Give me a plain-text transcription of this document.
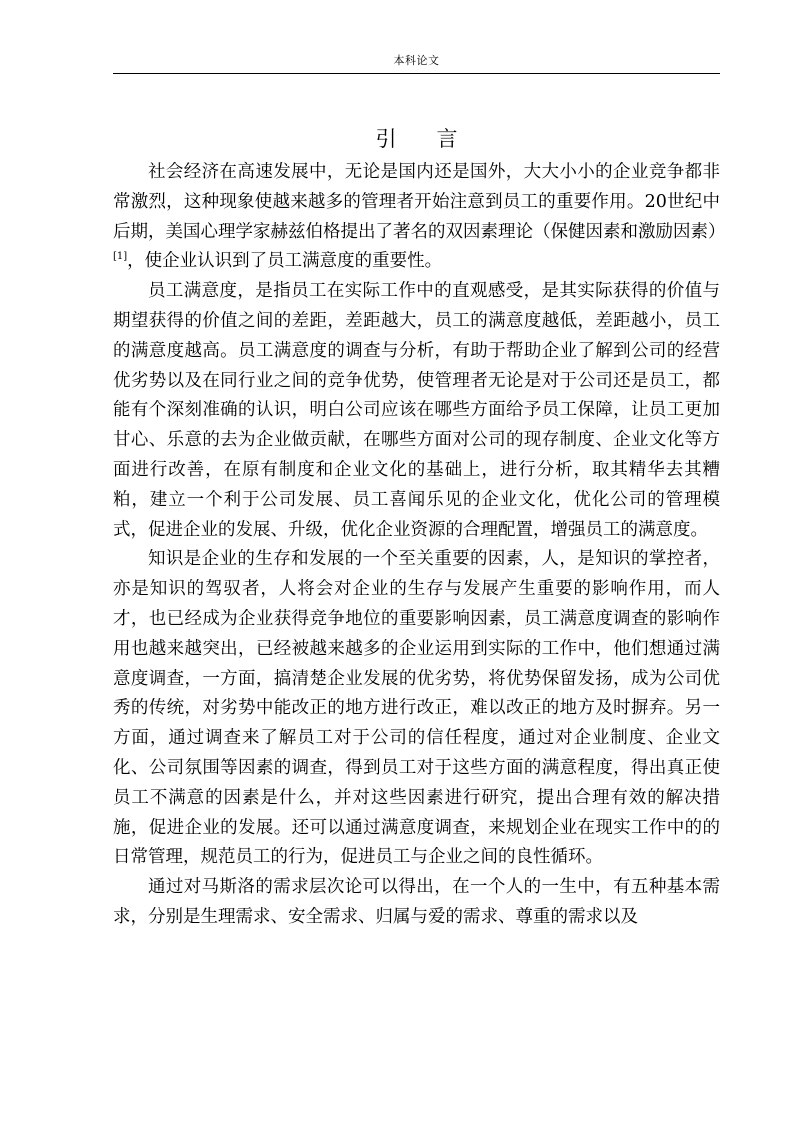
本科论文
引言

社会经济在高速发展中，无论是国内还是国外，大大小小的企业竞争都非常激烈，这种现象使越来越多的管理者开始注意到员工的重要作用。20世纪中后期，美国心理学家赫兹伯格提出了著名的双因素理论（保健因素和激励因素）[1]，使企业认识到了员工满意度的重要性。

员工满意度，是指员工在实际工作中的直观感受，是其实际获得的价值与期望获得的价值之间的差距，差距越大，员工的满意度越低，差距越小，员工的满意度越高。员工满意度的调查与分析，有助于帮助企业了解到公司的经营优劣势以及在同行业之间的竞争优势，使管理者无论是对于公司还是员工，都能有个深刻准确的认识，明白公司应该在哪些方面给予员工保障，让员工更加甘心、乐意的去为企业做贡献，在哪些方面对公司的现存制度、企业文化等方面进行改善，在原有制度和企业文化的基础上，进行分析，取其精华去其糟粕，建立一个利于公司发展、员工喜闻乐见的企业文化，优化公司的管理模式，促进企业的发展、升级，优化企业资源的合理配置，增强员工的满意度。

知识是企业的生存和发展的一个至关重要的因素，人，是知识的掌控者，亦是知识的驾驭者，人将会对企业的生存与发展产生重要的影响作用，而人才，也已经成为企业获得竞争地位的重要影响因素，员工满意度调查的影响作用也越来越突出，已经被越来越多的企业运用到实际的工作中，他们想通过满意度调查，一方面，搞清楚企业发展的优劣势，将优势保留发扬，成为公司优秀的传统，对劣势中能改正的地方进行改正，难以改正的地方及时摒弃。另一方面，通过调查来了解员工对于公司的信任程度，通过对企业制度、企业文化、公司氛围等因素的调查，得到员工对于这些方面的满意程度，得出真正使员工不满意的因素是什么，并对这些因素进行研究，提出合理有效的解决措施，促进企业的发展。还可以通过满意度调查，来规划企业在现实工作中的的日常管理，规范员工的行为，促进员工与企业之间的良性循环。

通过对马斯洛的需求层次论可以得出，在一个人的一生中，有五种基本需求，分别是生理需求、安全需求、归属与爱的需求、尊重的需求以及
